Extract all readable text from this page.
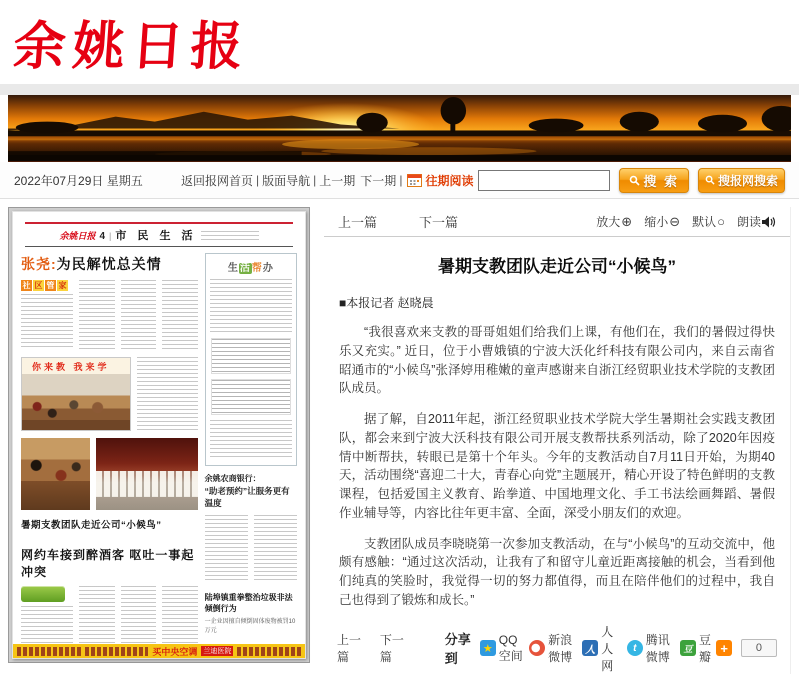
余姚日报
2022年07月29日 星期五	返回报网首页 | 版面导航 | 上一期 下一期 | 往期阅读	搜 索	搜报网搜索
余姚日报 4 | 市 民 生 活
张尧:为民解忧总关情
社 区 管 家
你来教 我来学
暑期支教团队走近公司“小候鸟”
网约车接到醉酒客 呕吐一事起冲突
生活帮办
余姚农商银行：
“助老预约”让服务更有温度
陆埠镇重拳整治垃圾非法倾倒行为
一企业因擅自倾倒固体废物被罚10万元
买中央空调 兰迪医院
上一篇	下一篇	放大 ⊕ 缩小 ⊖ 默认 ○ 朗读
暑期支教团队走近公司“小候鸟”
■本报记者 赵晓晨

“我很喜欢来支教的哥哥姐姐们给我们上课，有他们在，我们的暑假过得快乐又充实。” 近日，位于小曹娥镇的宁波大沃化纤科技有限公司内，来自云南省昭通市的“小候鸟”张泽婷用稚嫩的童声感谢来自浙江经贸职业技术学院的支教团队成员。

据了解，自2011年起，浙江经贸职业技术学院大学生暑期社会实践支教团队，都会来到宁波大沃科技有限公司开展支教帮扶系列活动，除了2020年因疫情中断帮扶，转眼已是第十个年头。今年的支教活动自7月11日开始，为期40天，活动围绕“喜迎二十大，青春心向党”主题展开，精心开设了特色鲜明的支教课程，包括爱国主义教育、跆拳道、中国地理文化、手工书法绘画舞蹈、暑假作业辅导等，内容比往年更丰富、全面，深受小朋友们的欢迎。

支教团队成员李晓晓第一次参加支教活动，在与“小候鸟”的互动交流中，他颇有感触：“通过这次活动，让我有了和留守儿童近距离接触的机会，当看到他们纯真的笑脸时，我觉得一切的努力都值得，而且在陪伴他们的过程中，我自己也得到了锻炼和成长。”

上一篇
下一篇
分享到
★
QQ空间
新浪微博	人
人人网
t
腾讯微博
豆
豆瓣
+	0
